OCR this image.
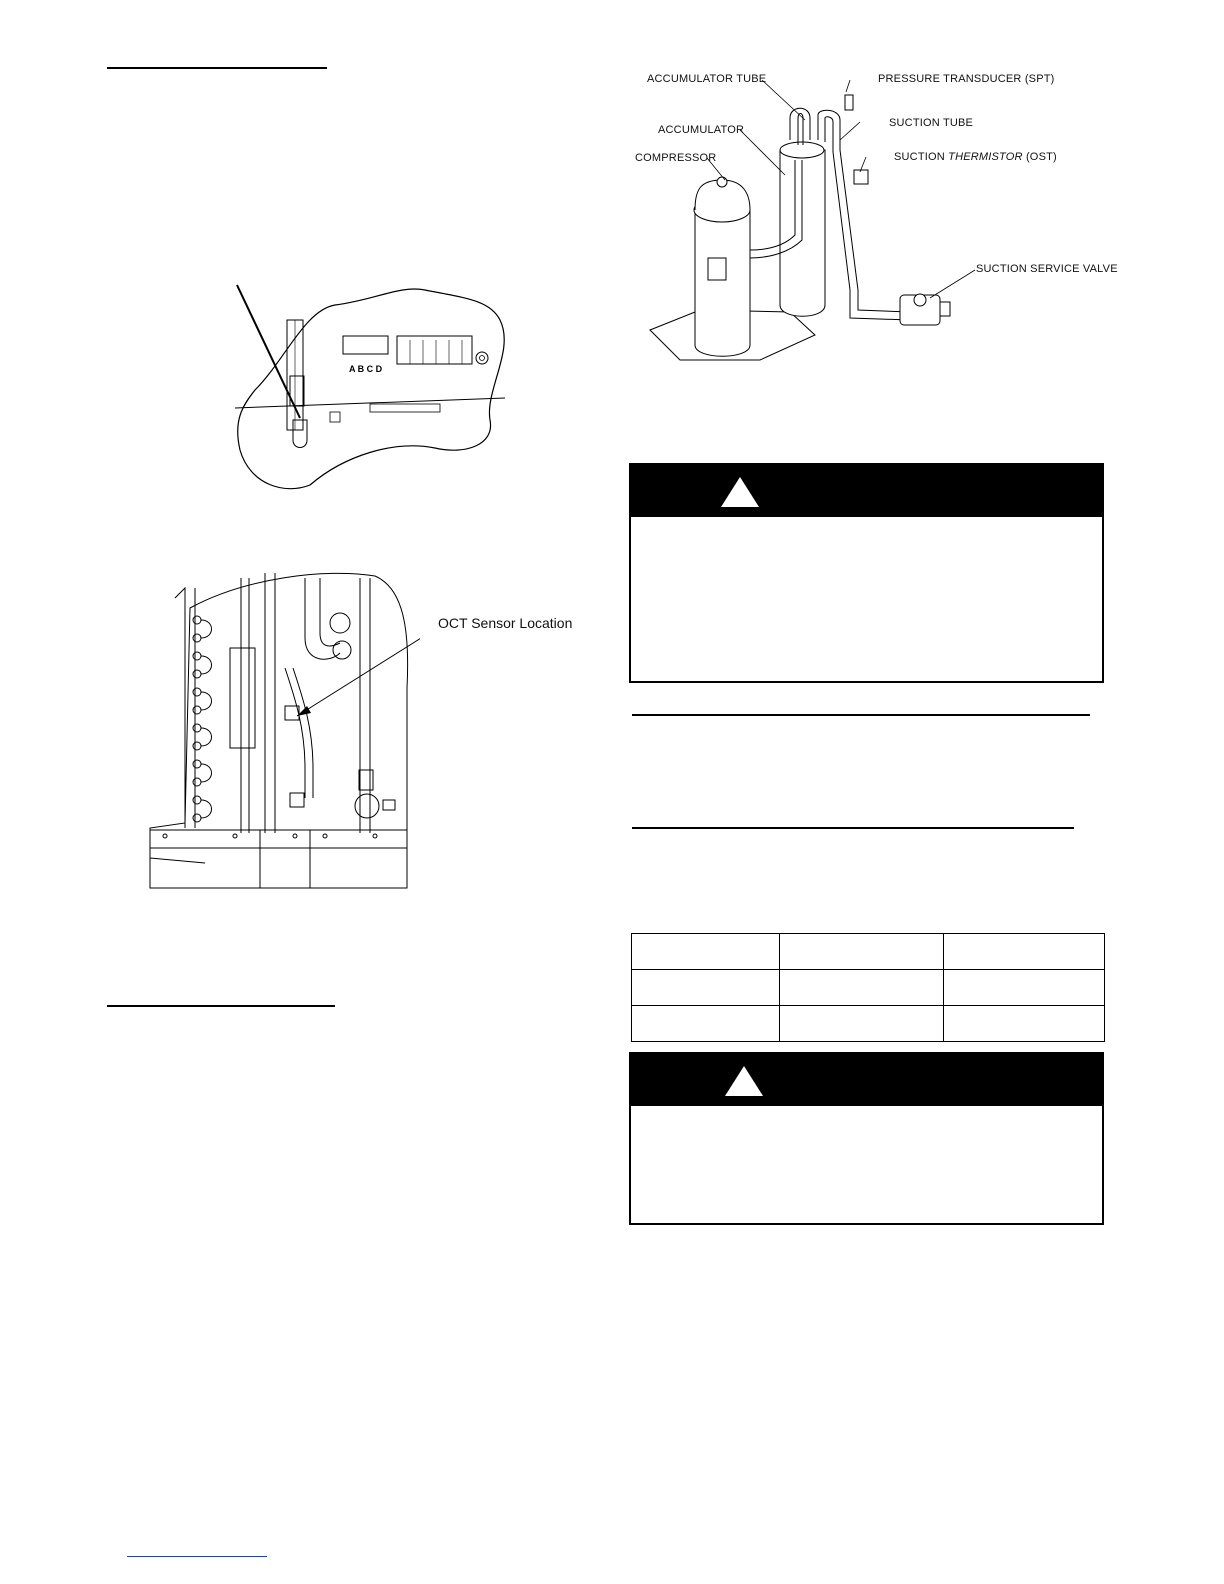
A B C D
OCT Sensor Location
ACCUMULATOR TUBE	PRESSURE TRANSDUCER (SPT)
ACCUMULATOR
SUCTION TUBE
COMPRESSOR	SUCTION THERMISTOR (OST)
SUCTION SERVICE VALVE
